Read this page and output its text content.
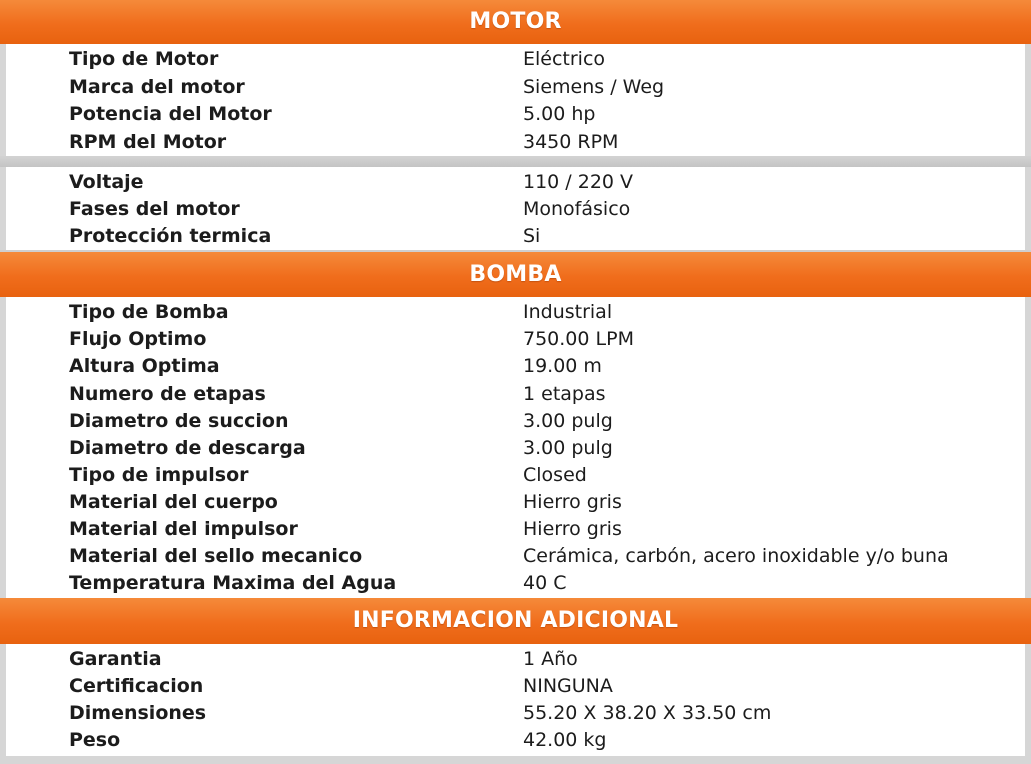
MOTOR
Tipo de Motor	Eléctrico
Marca del motor	Siemens / Weg
Potencia del Motor	5.00 hp
RPM del Motor	3450 RPM
Voltaje	110 / 220 V
Fases del motor	Monofásico
Protección termica	Si
BOMBA
Tipo de Bomba	Industrial
Flujo Optimo	750.00 LPM
Altura Optima	19.00 m
Numero de etapas	1 etapas
Diametro de succion	3.00 pulg
Diametro de descarga	3.00 pulg
Tipo de impulsor	Closed
Material del cuerpo	Hierro gris
Material del impulsor	Hierro gris
Material del sello mecanico	Cerámica, carbón, acero inoxidable y/o buna
Temperatura Maxima del Agua	40 C
INFORMACION ADICIONAL
Garantia	1 Año
Certificacion	NINGUNA
Dimensiones	55.20 X 38.20 X 33.50 cm
Peso	42.00 kg
